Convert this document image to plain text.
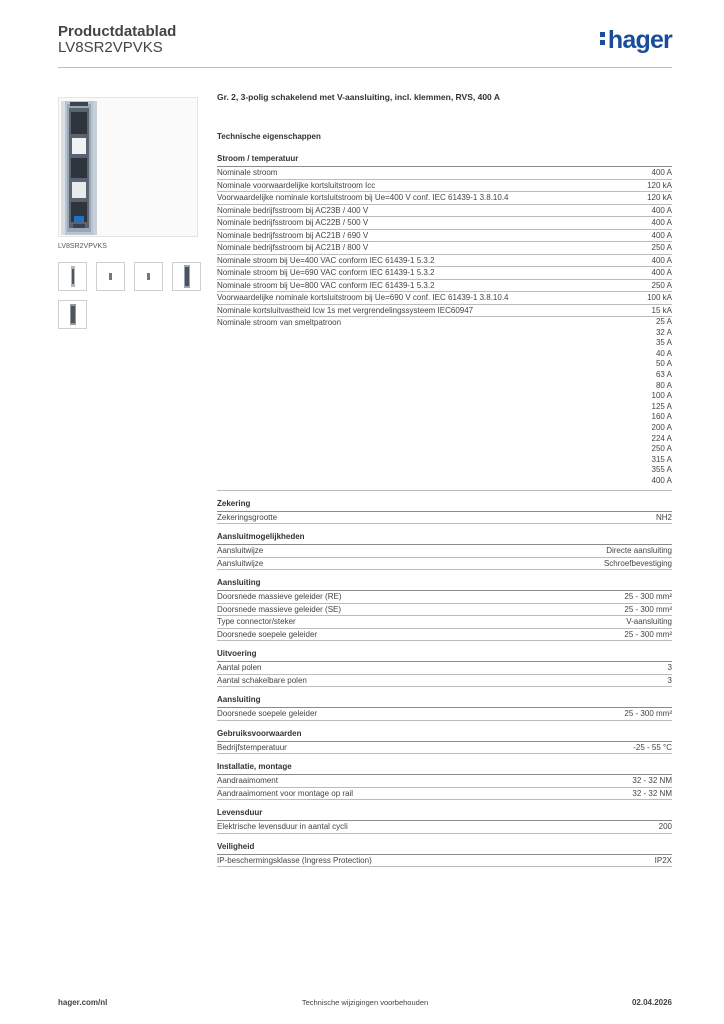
Productdatablad
LV8SR2VPVKS	hager
LV8SR2VPVKS
Gr. 2, 3-polig schakelend met V-aansluiting, incl. klemmen, RVS, 400 A
Technische eigenschappen
Stroom / temperatuur
Nominale stroom	400 A
Nominale voorwaardelijke kortsluitstroom Icc	120 kA
Voorwaardelijke nominale kortsluitstroom bij Ue=400 V conf. IEC 61439-1 3.8.10.4	120 kA
Nominale bedrijfsstroom bij AC23B / 400 V	400 A
Nominale bedrijfsstroom bij AC22B / 500 V	400 A
Nominale bedrijfsstroom bij AC21B / 690 V	400 A
Nominale bedrijfsstroom bij AC21B / 800 V	250 A
Nominale stroom bij Ue=400 VAC conform IEC 61439-1 5.3.2	400 A
Nominale stroom bij Ue=690 VAC conform IEC 61439-1 5.3.2	400 A
Nominale stroom bij Ue=800 VAC conform IEC 61439-1 5.3.2	250 A
Voorwaardelijke nominale kortsluitstroom bij Ue=690 V conf. IEC 61439-1 3.8.10.4	100 kA
Nominale kortsluitvastheid Icw 1s met vergrendelingssysteem IEC60947	15 kA
Nominale stroom van smeltpatroon	25 A
32 A
35 A
40 A
50 A
63 A
80 A
100 A
125 A
160 A
200 A
224 A
250 A
315 A
355 A
400 A
Zekering
Zekeringsgrootte	NH2
Aansluitmogelijkheden
Aansluitwijze	Directe aansluiting
Aansluitwijze	Schroefbevestiging
Aansluiting
Doorsnede massieve geleider (RE)	25 - 300 mm²
Doorsnede massieve geleider (SE)	25 - 300 mm²
Type connector/steker	V-aansluiting
Doorsnede soepele geleider	25 - 300 mm²
Uitvoering
Aantal polen	3
Aantal schakelbare polen	3
Aansluiting
Doorsnede soepele geleider	25 - 300 mm²
Gebruiksvoorwaarden
Bedrijfstemperatuur	-25 - 55 °C
Installatie, montage
Aandraaimoment	32 - 32 NM
Aandraaimoment voor montage op rail	32 - 32 NM
Levensduur
Elektrische levensduur in aantal cycli	200
Veiligheid
IP-beschermingsklasse (Ingress Protection)	IP2X
Technische wijzigingen voorbehouden
hager.com/nl	02.04.2026
